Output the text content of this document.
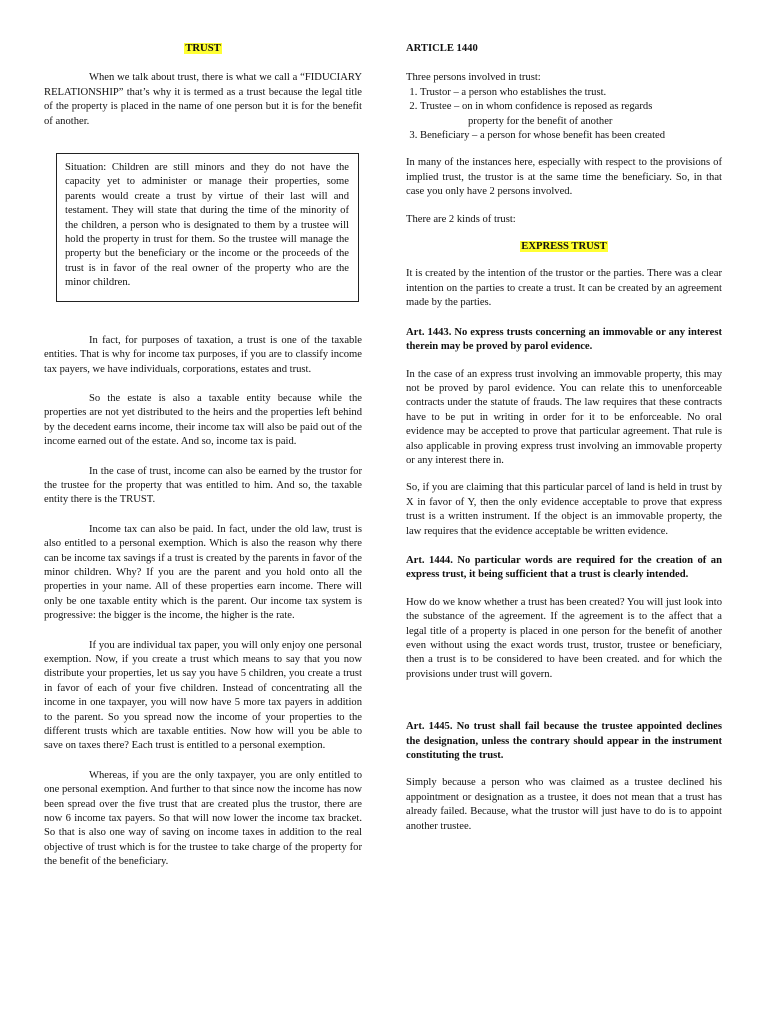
TRUST

When we talk about trust, there is what we call a “FIDUCIARY RELATIONSHIP” that’s why it is termed as a trust because the legal title of the property is placed in the name of one person but it is for the benefit of another.

Situation: Children are still minors and they do not have the capacity yet to administer or manage their properties, some parents would create a trust by virtue of their last will and testament. They will state that during the time of the minority of the children, a person who is designated to them by a trustee will hold the property in trust for them. So the trustee will manage the property but the beneficiary or the income or the proceeds of the trust is in favor of the real owner of the property who are the minor children.

In fact, for purposes of taxation, a trust is one of the taxable entities. That is why for income tax purposes, if you are to classify income tax payers, we have individuals, corporations, estates and trust.

So the estate is also a taxable entity because while the properties are not yet distributed to the heirs and the properties left behind by the decedent earns income, their income tax will also be paid out of the income earned out of the estate. And so, income tax is paid.

In the case of trust, income can also be earned by the trustor for the trustee for the property that was entitled to him. And so, the taxable entity there is the TRUST.

Income tax can also be paid. In fact, under the old law, trust is also entitled to a personal exemption. Which is also the reason why there can be income tax savings if a trust is created by the parents in favor of the minor children. Why? If you are the parent and you hold onto all the properties in your name. All of these properties earn income. There will only be one taxable entity which is the parent. Our income tax system is progressive: the bigger is the income, the higher is the rate.

If you are individual tax paper, you will only enjoy one personal exemption. Now, if you create a trust which means to say that you now distribute your properties, let us say you have 5 children, you create a trust in favor of each of your five children. Instead of concentrating all the income in one taxpayer, you will now have 5 more tax payers in addition to the parent. So you spread now the income of your properties to the different trusts which are taxable entities. Now how will you be able to save on taxes there? Each trust is entitled to a personal exemption.

Whereas, if you are the only taxpayer, you are only entitled to one personal exemption. And further to that since now the income has now been spread over the five trust that are created plus the trustor, there are now 6 income tax payers. So that will now lower the income tax bracket. So that is also one way of saving on income taxes in addition to the real objective of trust which is for the trustee to take charge of the property for the benefit of the beneficiary.

ARTICLE 1440

Three persons involved in trust:

1. Trustor – a person who establishes the trust.
2. Trustee – on in whom confidence is reposed as regards
property for the benefit of another
3. Beneficiary – a person for whose benefit has been created

In many of the instances here, especially with respect to the provisions of implied trust, the trustor is at the same time the beneficiary. So, in that case you only have 2 persons involved.

There are 2 kinds of trust:

EXPRESS TRUST

It is created by the intention of the trustor or the parties. There was a clear intention on the parties to create a trust. It can be created by an agreement made by the parties.

Art. 1443. No express trusts concerning an immovable or any interest therein may be proved by parol evidence.

In the case of an express trust involving an immovable property, this may not be proved by parol evidence. You can relate this to unenforceable contracts under the statute of frauds. The law requires that these contracts have to be put in writing in order for it to be enforceable. No oral evidence may be accepted to prove that particular agreement. That rule is also applicable in proving express trust involving an immovable property or any interest there in.

So, if you are claiming that this particular parcel of land is held in trust by X in favor of Y, then the only evidence acceptable to prove that express trust is a written instrument. If the object is an immovable property, the law requires that the evidence acceptable be written evidence.

Art. 1444. No particular words are required for the creation of an express trust, it being sufficient that a trust is clearly intended.

How do we know whether a trust has been created? You will just look into the substance of the agreement. If the agreement is to the affect that a legal title of a property is placed in one person for the benefit of another even without using the exact words trust, trustor, trustee or beneficiary, then a trust is to be considered to have been created. and for which the provisions under trust will govern.

Art. 1445. No trust shall fail because the trustee appointed declines the designation, unless the contrary should appear in the instrument constituting the trust.

Simply because a person who was claimed as a trustee declined his appointment or designation as a trustee, it does not mean that a trust has already failed. Because, what the trustor will just have to do is to appoint another trustee.
